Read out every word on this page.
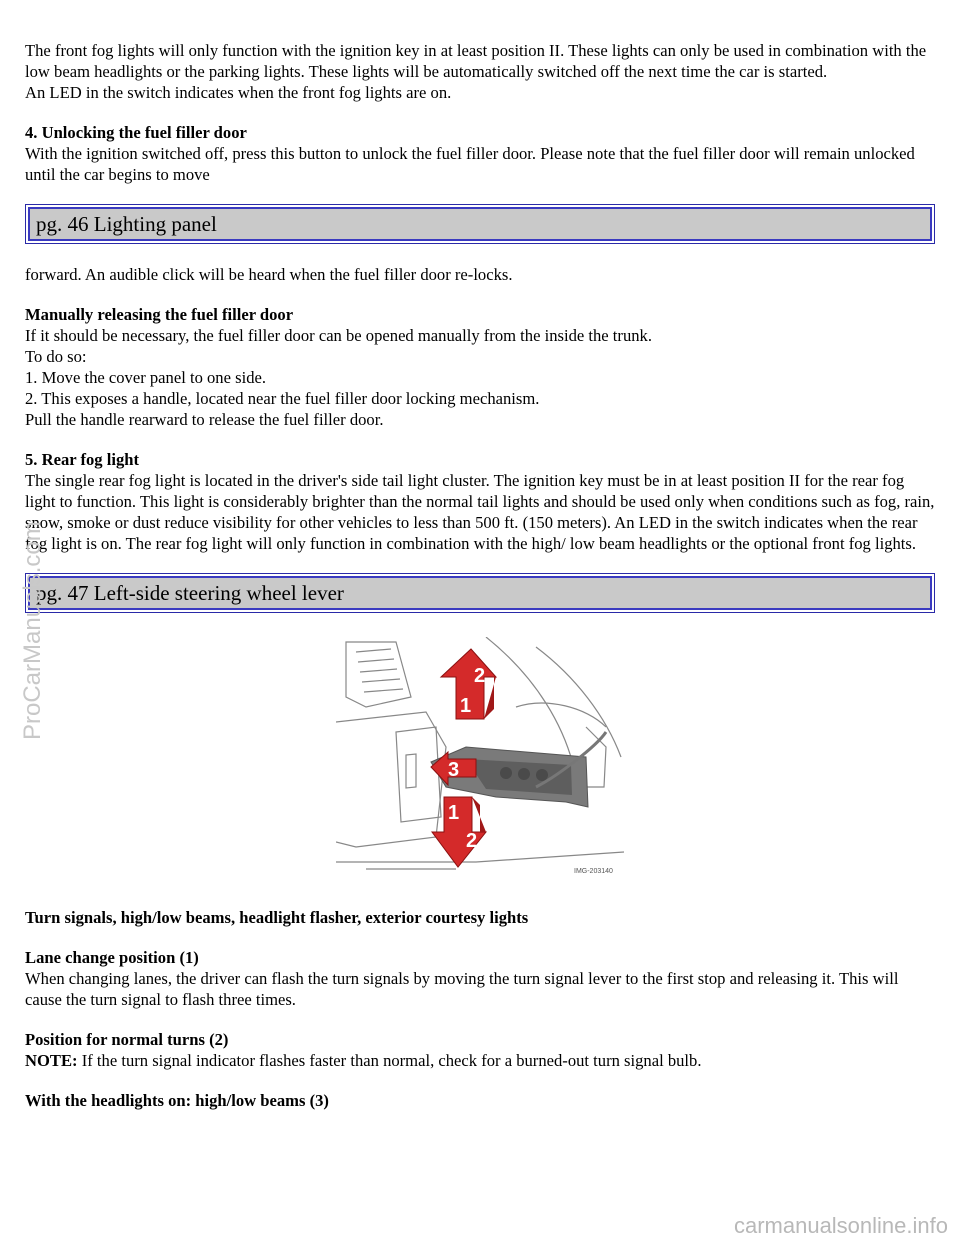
The front fog lights will only function with the ignition key in at least position II. These lights can only be used in combination with the low beam headlights or the parking lights. These lights will be automatically switched off the next time the car is started.
An LED in the switch indicates when the front fog lights are on.

4. Unlocking the fuel filler door
With the ignition switched off, press this button to unlock the fuel filler door. Please note that the fuel filler door will remain unlocked until the car begins to move

pg. 46 Lighting panel

forward. An audible click will be heard when the fuel filler door re-locks.

Manually releasing the fuel filler door
If it should be necessary, the fuel filler door can be opened manually from the inside the trunk.
To do so:
1. Move the cover panel to one side.
2. This exposes a handle, located near the fuel filler door locking mechanism.
Pull the handle rearward to release the fuel filler door.

5. Rear fog light
The single rear fog light is located in the driver's side tail light cluster. The ignition key must be in at least position II for the rear fog light to function. This light is considerably brighter than the normal tail lights and should be used only when conditions such as fog, rain, snow, smoke or dust reduce visibility for other vehicles to less than 500 ft. (150 meters). An LED in the switch indicates when the rear fog light is on. The rear fog light will only function in combination with the high/ low beam headlights or the optional front fog lights.

pg. 47 Left-side steering wheel lever
2
1
3
1
2
IMG-203140

Turn signals, high/low beams, headlight flasher, exterior courtesy lights

Lane change position (1)
When changing lanes, the driver can flash the turn signals by moving the turn signal lever to the first stop and releasing it. This will cause the turn signal to flash three times.

Position for normal turns (2)
NOTE: If the turn signal indicator flashes faster than normal, check for a burned-out turn signal bulb.

With the headlights on: high/low beams (3)

ProCarManuals.com
carmanualsonline.info
